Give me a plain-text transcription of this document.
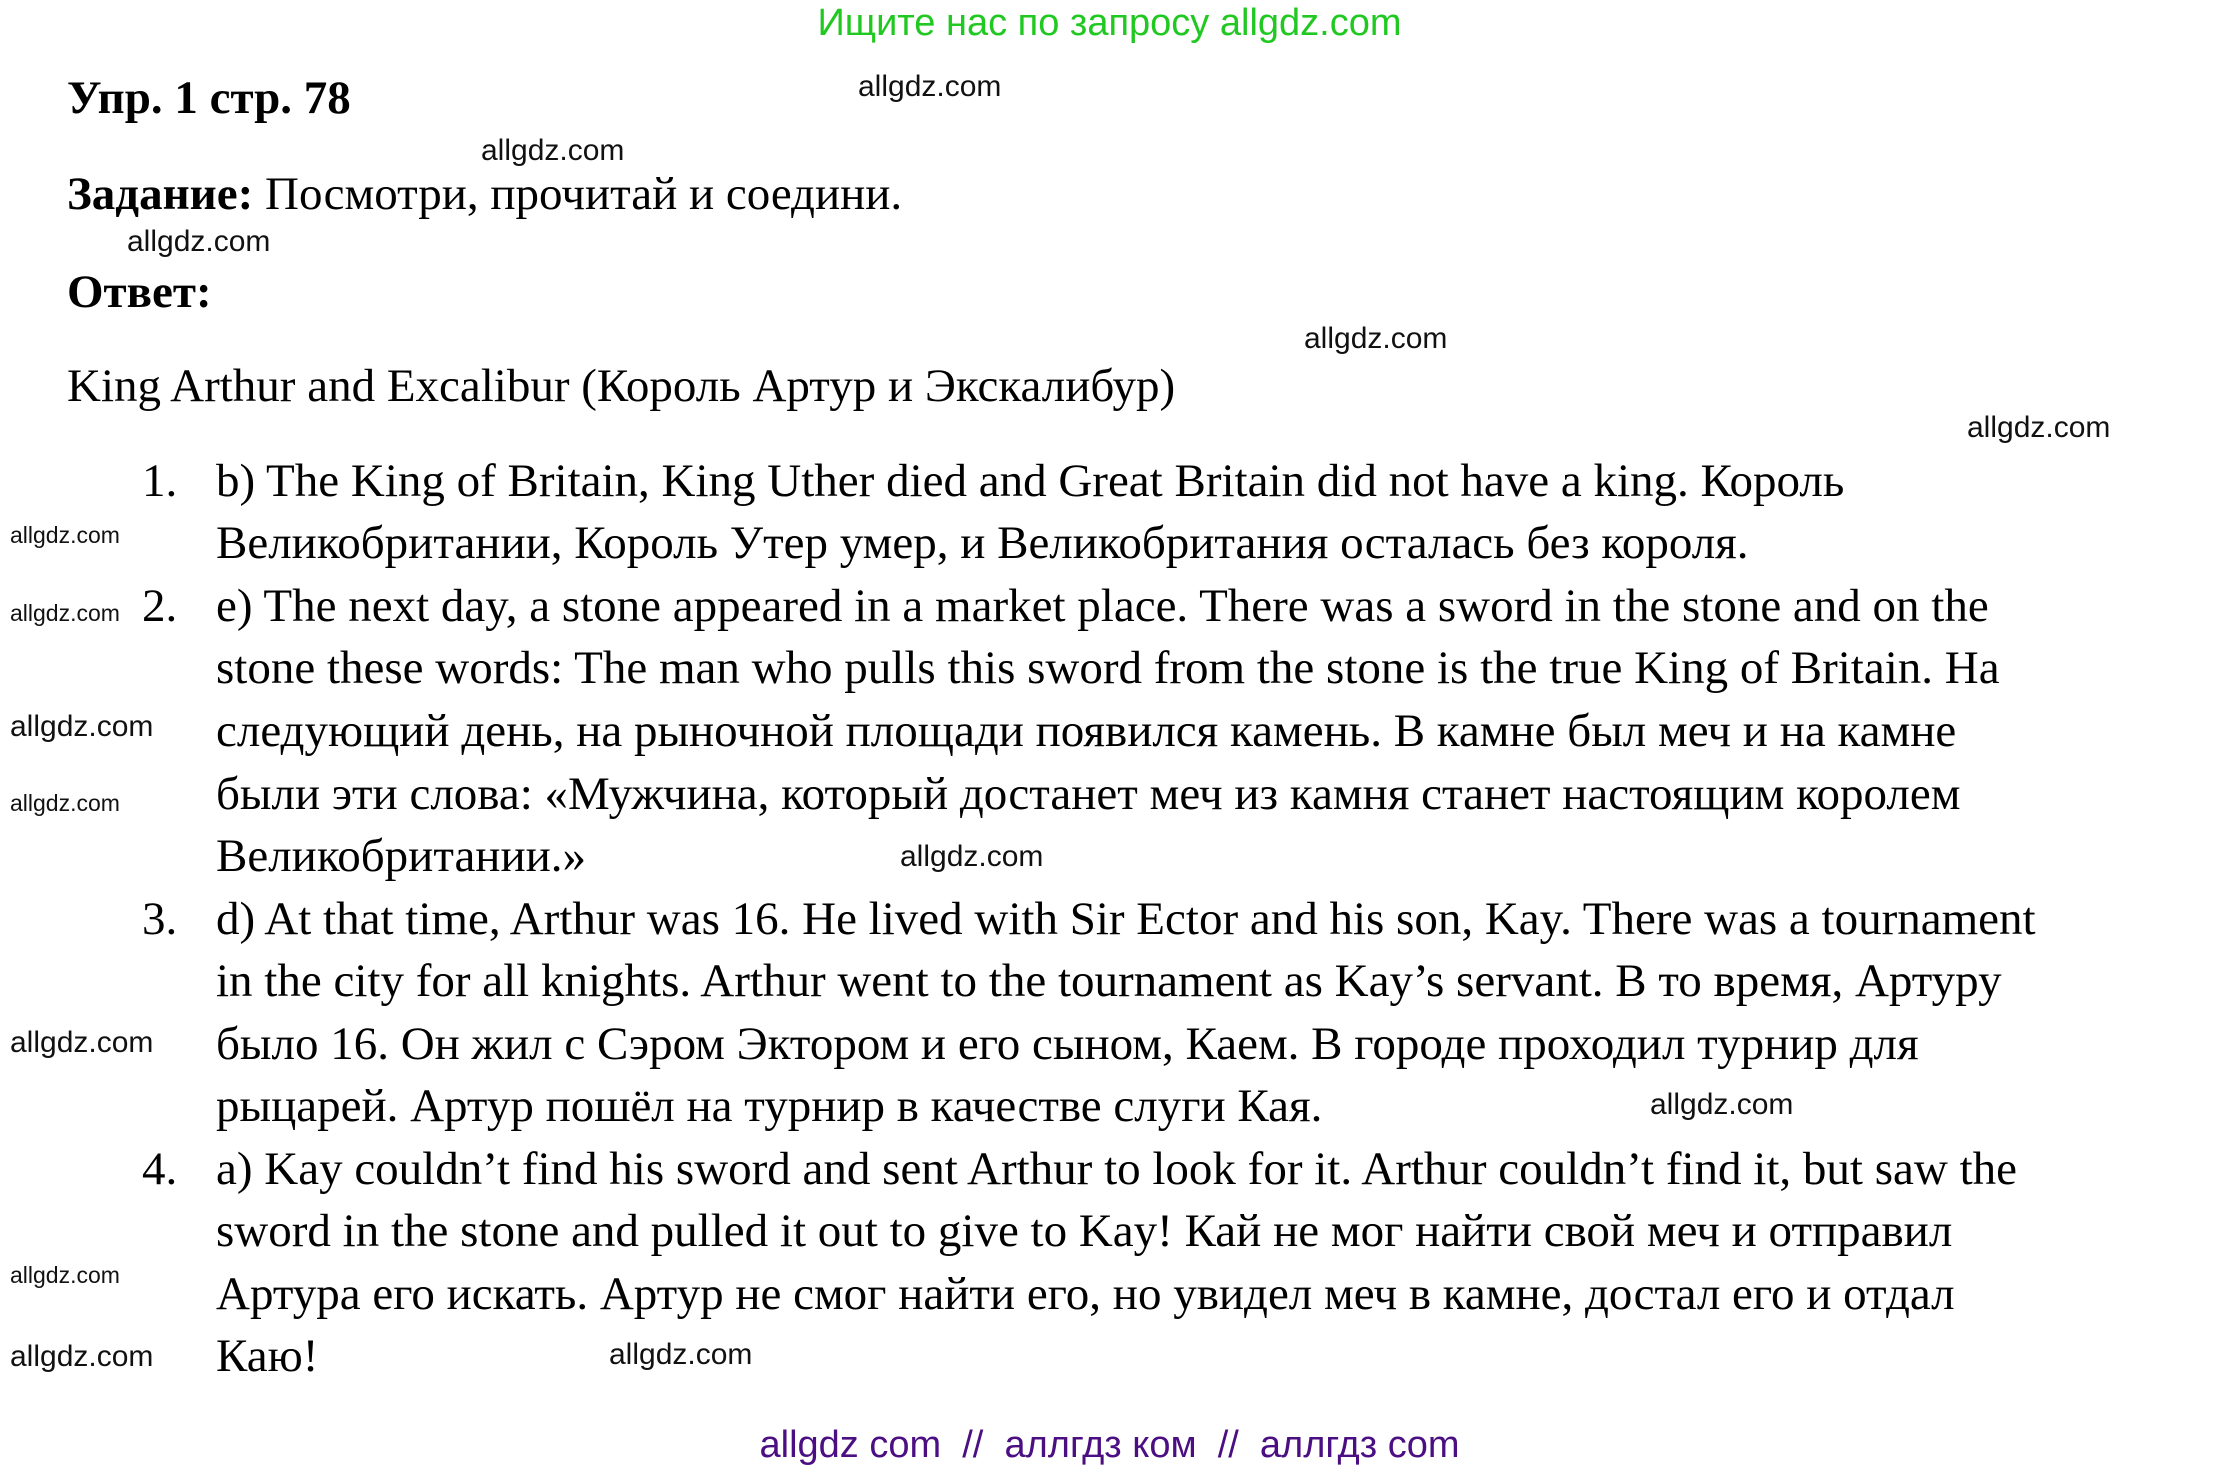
Ищите нас по запросу allgdz.com
Упр. 1 стр. 78
Задание: Посмотри, прочитай и соедини.
Ответ:
King Arthur and Excalibur (Король Артур и Экскалибур)
1.
2.
3.
4.
b) The King of Britain, King Uther died and Great Britain did not have a king. Король
Великобритании, Король Утер умер, и Великобритания осталась без короля.
e) The next day, a stone appeared in a market place. There was a sword in the stone and on the
stone these words: The man who pulls this sword from the stone is the true King of Britain. На
следующий день, на рыночной площади появился камень. В камне был меч и на камне
были эти слова: «Мужчина, который достанет меч из камня станет настоящим королем
Великобритании.»
d) At that time, Arthur was 16. He lived with Sir Ector and his son, Kay. There was a tournament
in the city for all knights. Arthur went to the tournament as Kay’s servant. В то время, Артуру
было 16. Он жил с Сэром Эктором и его сыном, Каем. В городе проходил турнир для
рыцарей. Артур пошёл на турнир в качестве слуги Кая.
a) Kay couldn’t find his sword and sent Arthur to look for it. Arthur couldn’t find it, but saw the
sword in the stone and pulled it out to give to Kay! Кай не мог найти свой меч и отправил
Артура его искать. Артур не смог найти его, но увидел меч в камне, достал его и отдал
Каю!
allgdz.com
allgdz.com
allgdz.com
allgdz.com
allgdz.com
allgdz.com
allgdz.com
allgdz.com
allgdz.com
allgdz.com
allgdz.com
allgdz.com
allgdz.com
allgdz.com
allgdz.com
allgdz com  //  аллгдз ком  //  аллгдз com
